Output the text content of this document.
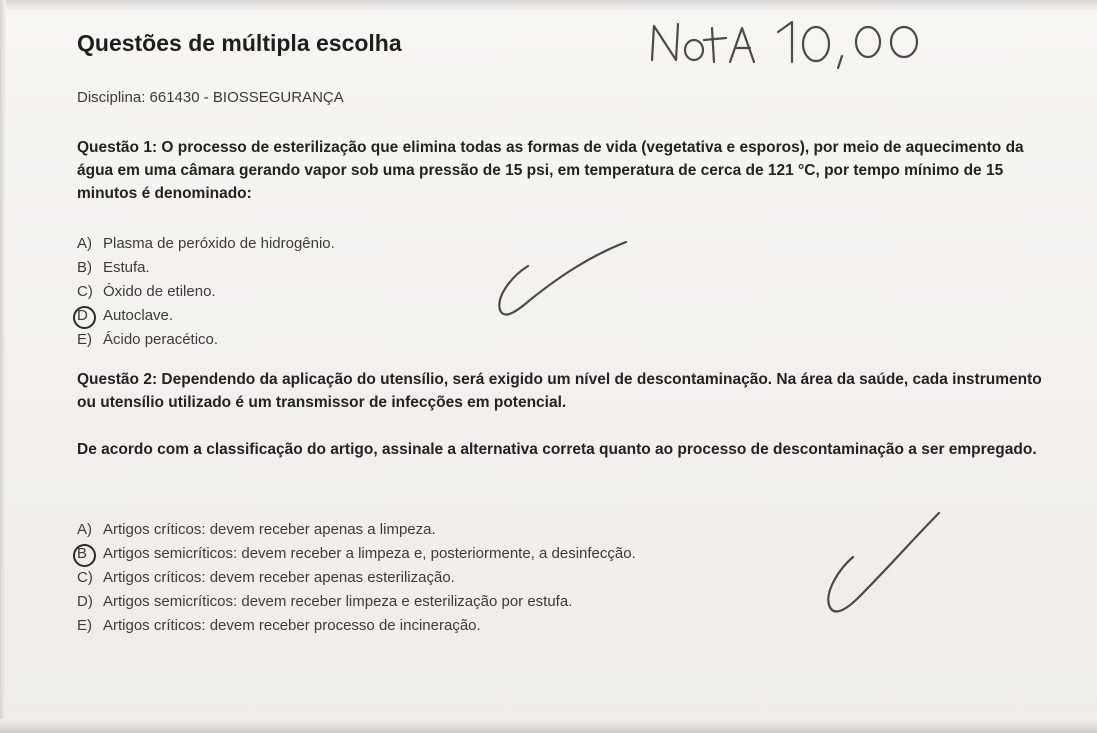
Questões de múltipla escolha
Disciplina: 661430 - BIOSSEGURANÇA
Questão 1: O processo de esterilização que elimina todas as formas de vida (vegetativa e esporos), por meio de aquecimento da água em uma câmara gerando vapor sob uma pressão de 15 psi, em temperatura de cerca de 121 °C, por tempo mínimo de 15 minutos é denominado:
A) Plasma de peróxido de hidrogênio.
B) Estufa.
C) Óxido de etileno.
D Autoclave.
E) Ácido peracético.
Questão 2: Dependendo da aplicação do utensílio, será exigido um nível de descontaminação. Na área da saúde, cada instrumento ou utensílio utilizado é um transmissor de infecções em potencial.
De acordo com a classificação do artigo, assinale a alternativa correta quanto ao processo de descontaminação a ser empregado.
A) Artigos críticos: devem receber apenas a limpeza.
B Artigos semicríticos: devem receber a limpeza e, posteriormente, a desinfecção.
C) Artigos críticos: devem receber apenas esterilização.
D) Artigos semicríticos: devem receber limpeza e esterilização por estufa.
E) Artigos críticos: devem receber processo de incineração.
